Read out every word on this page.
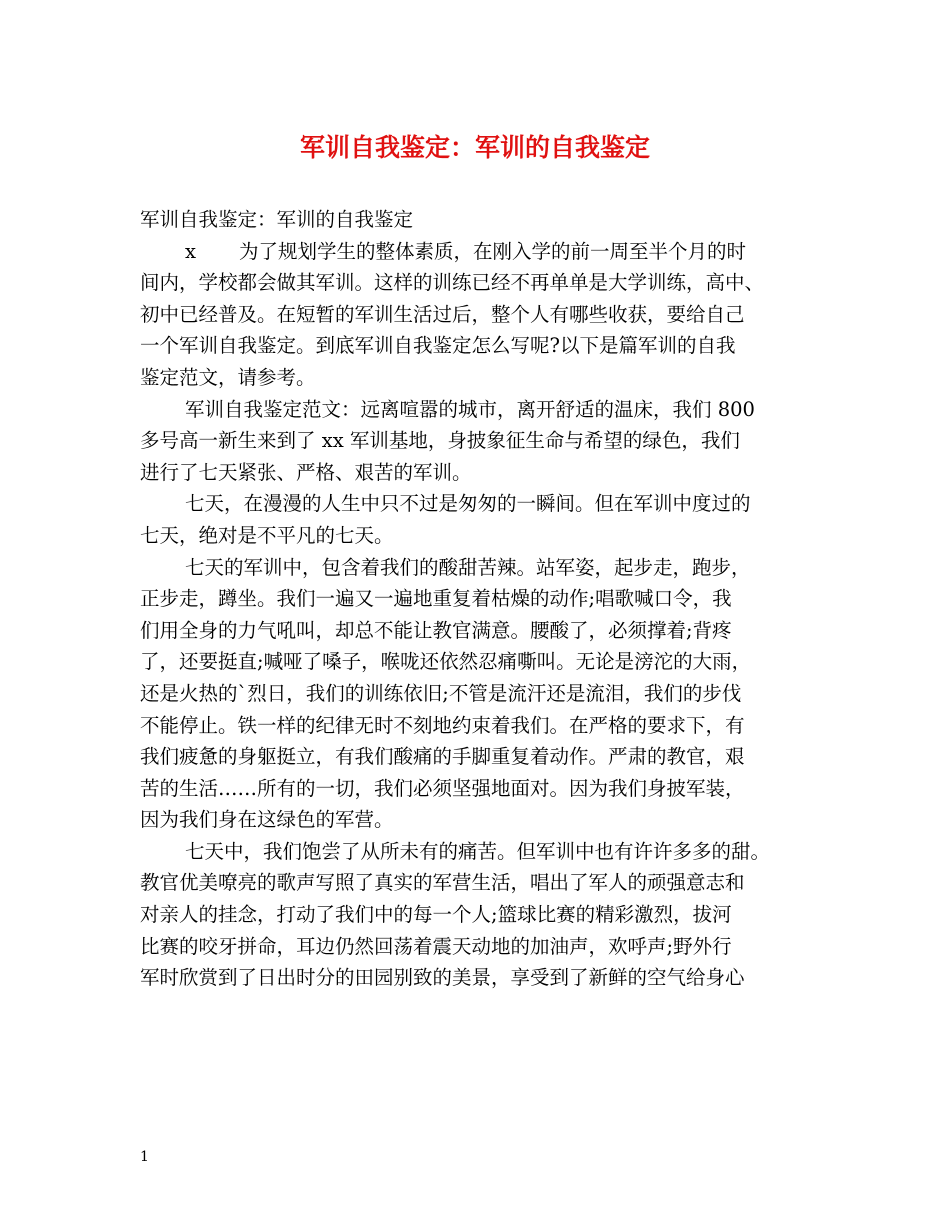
军训自我鉴定：军训的自我鉴定
军训自我鉴定：军训的自我鉴定
x 为了规划学生的整体素质，在刚入学的前一周至半个月的时
间内，学校都会做其军训。这样的训练已经不再单单是大学训练，高中、
初中已经普及。在短暂的军训生活过后，整个人有哪些收获，要给自己
一个军训自我鉴定。到底军训自我鉴定怎么写呢?以下是篇军训的自我
鉴定范文，请参考。
军训自我鉴定范文：远离喧嚣的城市，离开舒适的温床，我们 800
多号高一新生来到了 xx 军训基地，身披象征生命与希望的绿色，我们
进行了七天紧张、严格、艰苦的军训。
七天，在漫漫的人生中只不过是匆匆的一瞬间。但在军训中度过的
七天，绝对是不平凡的七天。
七天的军训中，包含着我们的酸甜苦辣。站军姿，起步走，跑步，
正步走，蹲坐。我们一遍又一遍地重复着枯燥的动作;唱歌喊口令，我
们用全身的力气吼叫，却总不能让教官满意。腰酸了，必须撑着;背疼
了，还要挺直;喊哑了嗓子，喉咙还依然忍痛嘶叫。无论是滂沱的大雨，
还是火热的`烈日，我们的训练依旧;不管是流汗还是流泪，我们的步伐
不能停止。铁一样的纪律无时不刻地约束着我们。在严格的要求下，有
我们疲惫的身躯挺立，有我们酸痛的手脚重复着动作。严肃的教官，艰
苦的生活……所有的一切，我们必须坚强地面对。因为我们身披军装，
因为我们身在这绿色的军营。
七天中，我们饱尝了从所未有的痛苦。但军训中也有许许多多的甜。
教官优美嘹亮的歌声写照了真实的军营生活，唱出了军人的顽强意志和
对亲人的挂念，打动了我们中的每一个人;篮球比赛的精彩激烈，拔河
比赛的咬牙拼命，耳边仍然回荡着震天动地的加油声，欢呼声;野外行
军时欣赏到了日出时分的田园别致的美景，享受到了新鲜的空气给身心
1
